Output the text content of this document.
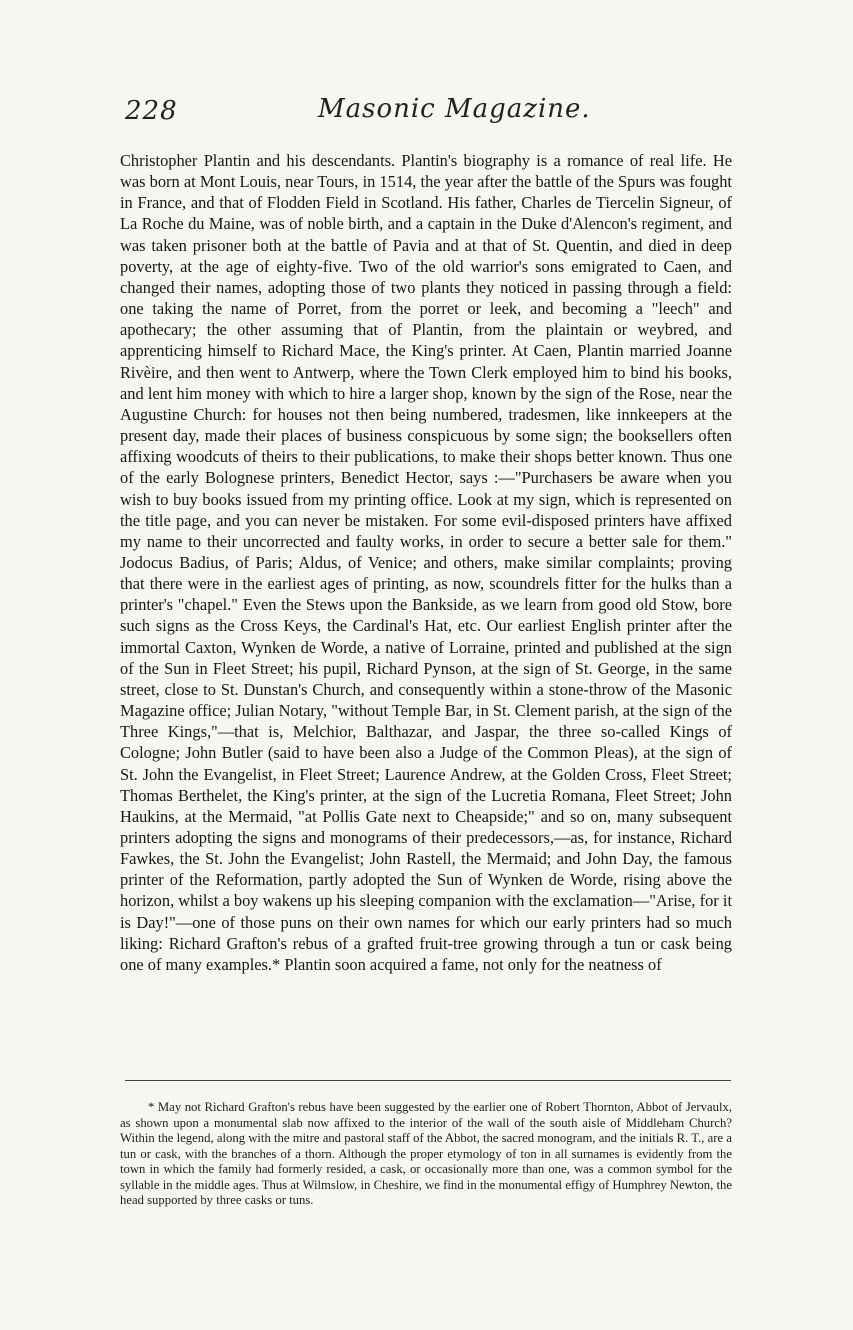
228	Masonic Magazine.

Christopher Plantin and his descendants. Plantin's biography is a romance of real life. He was born at Mont Louis, near Tours, in 1514, the year after the battle of the Spurs was fought in France, and that of Flodden Field in Scotland. His father, Charles de Tiercelin Signeur, of La Roche du Maine, was of noble birth, and a captain in the Duke d'Alencon's regiment, and was taken prisoner both at the battle of Pavia and at that of St. Quentin, and died in deep poverty, at the age of eighty-five. Two of the old warrior's sons emigrated to Caen, and changed their names, adopting those of two plants they noticed in passing through a field: one taking the name of Porret, from the porret or leek, and becoming a "leech" and apothecary; the other assuming that of Plantin, from the plaintain or weybred, and apprenticing himself to Richard Mace, the King's printer. At Caen, Plantin married Joanne Rivèire, and then went to Antwerp, where the Town Clerk employed him to bind his books, and lent him money with which to hire a larger shop, known by the sign of the Rose, near the Augustine Church: for houses not then being numbered, tradesmen, like innkeepers at the present day, made their places of business conspicuous by some sign; the booksellers often affixing woodcuts of theirs to their publications, to make their shops better known. Thus one of the early Bolognese printers, Benedict Hector, says :—"Purchasers be aware when you wish to buy books issued from my printing office. Look at my sign, which is represented on the title page, and you can never be mistaken. For some evil-disposed printers have affixed my name to their uncorrected and faulty works, in order to secure a better sale for them." Jodocus Badius, of Paris; Aldus, of Venice; and others, make similar complaints; proving that there were in the earliest ages of printing, as now, scoundrels fitter for the hulks than a printer's "chapel." Even the Stews upon the Bankside, as we learn from good old Stow, bore such signs as the Cross Keys, the Cardinal's Hat, etc. Our earliest English printer after the immortal Caxton, Wynken de Worde, a native of Lorraine, printed and published at the sign of the Sun in Fleet Street; his pupil, Richard Pynson, at the sign of St. George, in the same street, close to St. Dunstan's Church, and consequently within a stone-throw of the Masonic Magazine office; Julian Notary, "without Temple Bar, in St. Clement parish, at the sign of the Three Kings,"—that is, Melchior, Balthazar, and Jaspar, the three so-called Kings of Cologne; John Butler (said to have been also a Judge of the Common Pleas), at the sign of St. John the Evangelist, in Fleet Street; Laurence Andrew, at the Golden Cross, Fleet Street; Thomas Berthelet, the King's printer, at the sign of the Lucretia Romana, Fleet Street; John Haukins, at the Mermaid, "at Pollis Gate next to Cheapside;" and so on, many subsequent printers adopting the signs and monograms of their predecessors,—as, for instance, Richard Fawkes, the St. John the Evangelist; John Rastell, the Mermaid; and John Day, the famous printer of the Reformation, partly adopted the Sun of Wynken de Worde, rising above the horizon, whilst a boy wakens up his sleeping companion with the exclamation—"Arise, for it is Day!"—one of those puns on their own names for which our early printers had so much liking: Richard Grafton's rebus of a grafted fruit-tree growing through a tun or cask being one of many examples.* Plantin soon acquired a fame, not only for the neatness of

* May not Richard Grafton's rebus have been suggested by the earlier one of Robert Thornton, Abbot of Jervaulx, as shown upon a monumental slab now affixed to the interior of the wall of the south aisle of Middleham Church? Within the legend, along with the mitre and pastoral staff of the Abbot, the sacred monogram, and the initials R. T., are a tun or cask, with the branches of a thorn. Although the proper etymology of ton in all surnames is evidently from the town in which the family had formerly resided, a cask, or occasionally more than one, was a common symbol for the syllable in the middle ages. Thus at Wilmslow, in Cheshire, we find in the monumental effigy of Humphrey Newton, the head supported by three casks or tuns.
